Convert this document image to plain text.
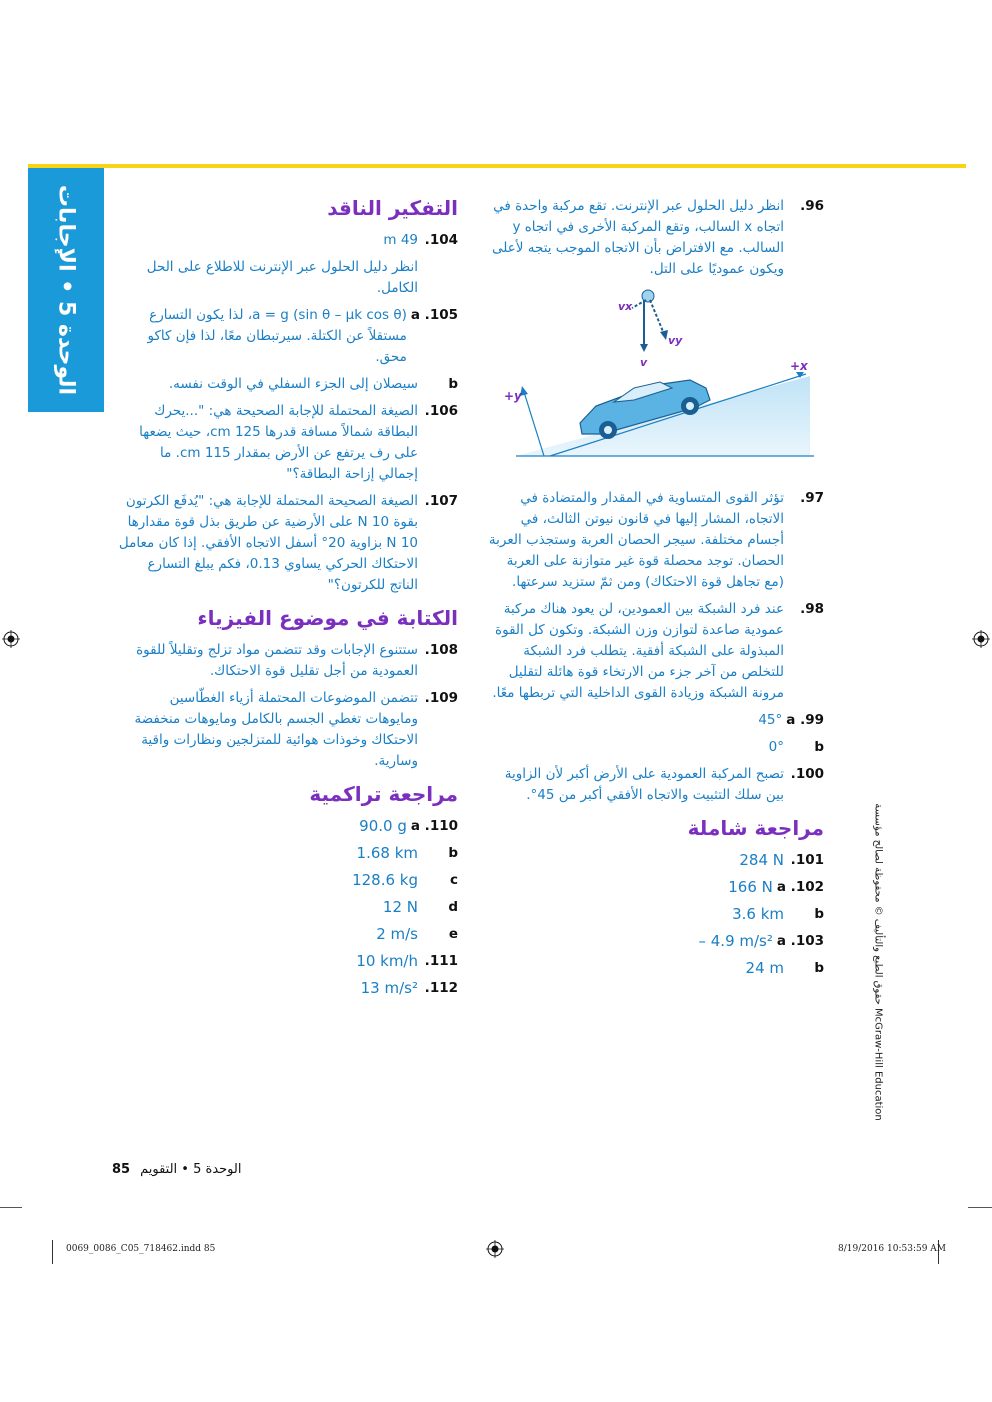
الوحدة 5 • الإجابات
96.
انظر دليل الحلول عبر الإنترنت. تقع مركبة واحدة في اتجاه x السالب، وتقع المركبة الأخرى في اتجاه y السالب. مع الافتراض بأن الاتجاه الموجب يتجه لأعلى ويكون عموديًا على التل.
vx
vy
v	+x
+y
97.
تؤثر القوى المتساوية في المقدار والمتضادة في الاتجاه، المشار إليها في قانون نيوتن الثالث، في أجسام مختلفة. سيجر الحصان العربة وستجذب العربة الحصان. توجد محصلة قوة غير متوازنة على العربة (مع تجاهل قوة الاحتكاك) ومن ثمّ ستزيد سرعتها.
98.
عند فرد الشبكة بين العمودين، لن يعود هناك مركبة عمودية صاعدة لتوازن وزن الشبكة. وتكون كل القوة المبذولة على الشبكة أفقية. يتطلب فرد الشبكة للتخلص من آخر جزء من الارتخاء قوة هائلة لتقليل مرونة الشبكة وزيادة القوى الداخلية التي تربطها معًا.
a .99
45°
b
0°
100.
تصبح المركبة العمودية على الأرض أكبر لأن الزاوية بين سلك التثبيت والاتجاه الأفقي أكبر من 45°.
مراجعة شاملة
101.
284 N
a .102
166 N
b
3.6 km
a .103
– 4.9 m/s²
b
24 m
التفكير الناقد
104.
49 m
انظر دليل الحلول عبر الإنترنت للاطلاع على الحل الكامل.
a .105
a = g (sin θ – μk cos θ)، لذا يكون التسارع مستقلاً عن الكتلة. سيرتبطان معًا، لذا فإن كاكو محق.
b
سيصلان إلى الجزء السفلي في الوقت نفسه.
106.
الصيغة المحتملة للإجابة الصحيحة هي: "...يحرك البطاقة شمالاً مسافة قدرها 125 cm، حيث يضعها على رف يرتفع عن الأرض بمقدار 115 cm. ما إجمالي إزاحة البطاقة؟"
107.
الصيغة الصحيحة المحتملة للإجابة هي: "يُدفَع الكرتون بقوة 10 N على الأرضية عن طريق بذل قوة مقدارها 10 N بزاوية 20° أسفل الاتجاه الأفقي. إذا كان معامل الاحتكاك الحركي يساوي 0.13، فكم يبلغ التسارع الناتج للكرتون؟"
الكتابة في موضوع الفيزياء
108.
ستتنوع الإجابات وقد تتضمن مواد تزلج وتقليلاً للقوة العمودية من أجل تقليل قوة الاحتكاك.
109.
تتضمن الموضوعات المحتملة أزياء الغطّاسين ومايوهات تغطي الجسم بالكامل ومايوهات منخفضة الاحتكاك وخوذات هوائية للمتزلجين ونظارات واقية وسارية.
مراجعة تراكمية
a .110
90.0 g
b
1.68 km
c
128.6 kg
d
12 N
e
2 m/s
111.
10 km/h
112.
13 m/s²	حقوق الطبع والتأليف © محفوظة لصالح مؤسسة McGraw-Hill Education
85 الوحدة 5 • التقويم
0069_0086_C05_718462.indd 85	8/19/2016 10:53:59 AM
